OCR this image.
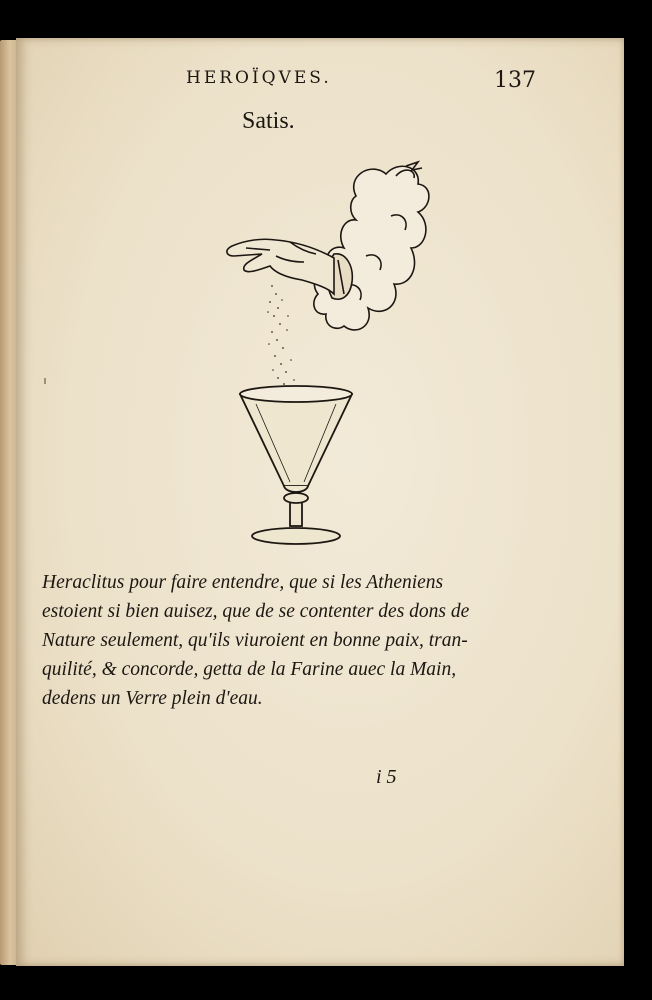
HEROÏQVES.	137
Satis.
Heraclitus pour faire entendre, que si les Atheniens
estoient si bien auisez, que de se contenter des dons de
Nature seulement, qu'ils viuroient en bonne paix, tran-
quilité, & concorde, getta de la Farine auec la Main,
dedens un Verre plein d'eau.
i 5
